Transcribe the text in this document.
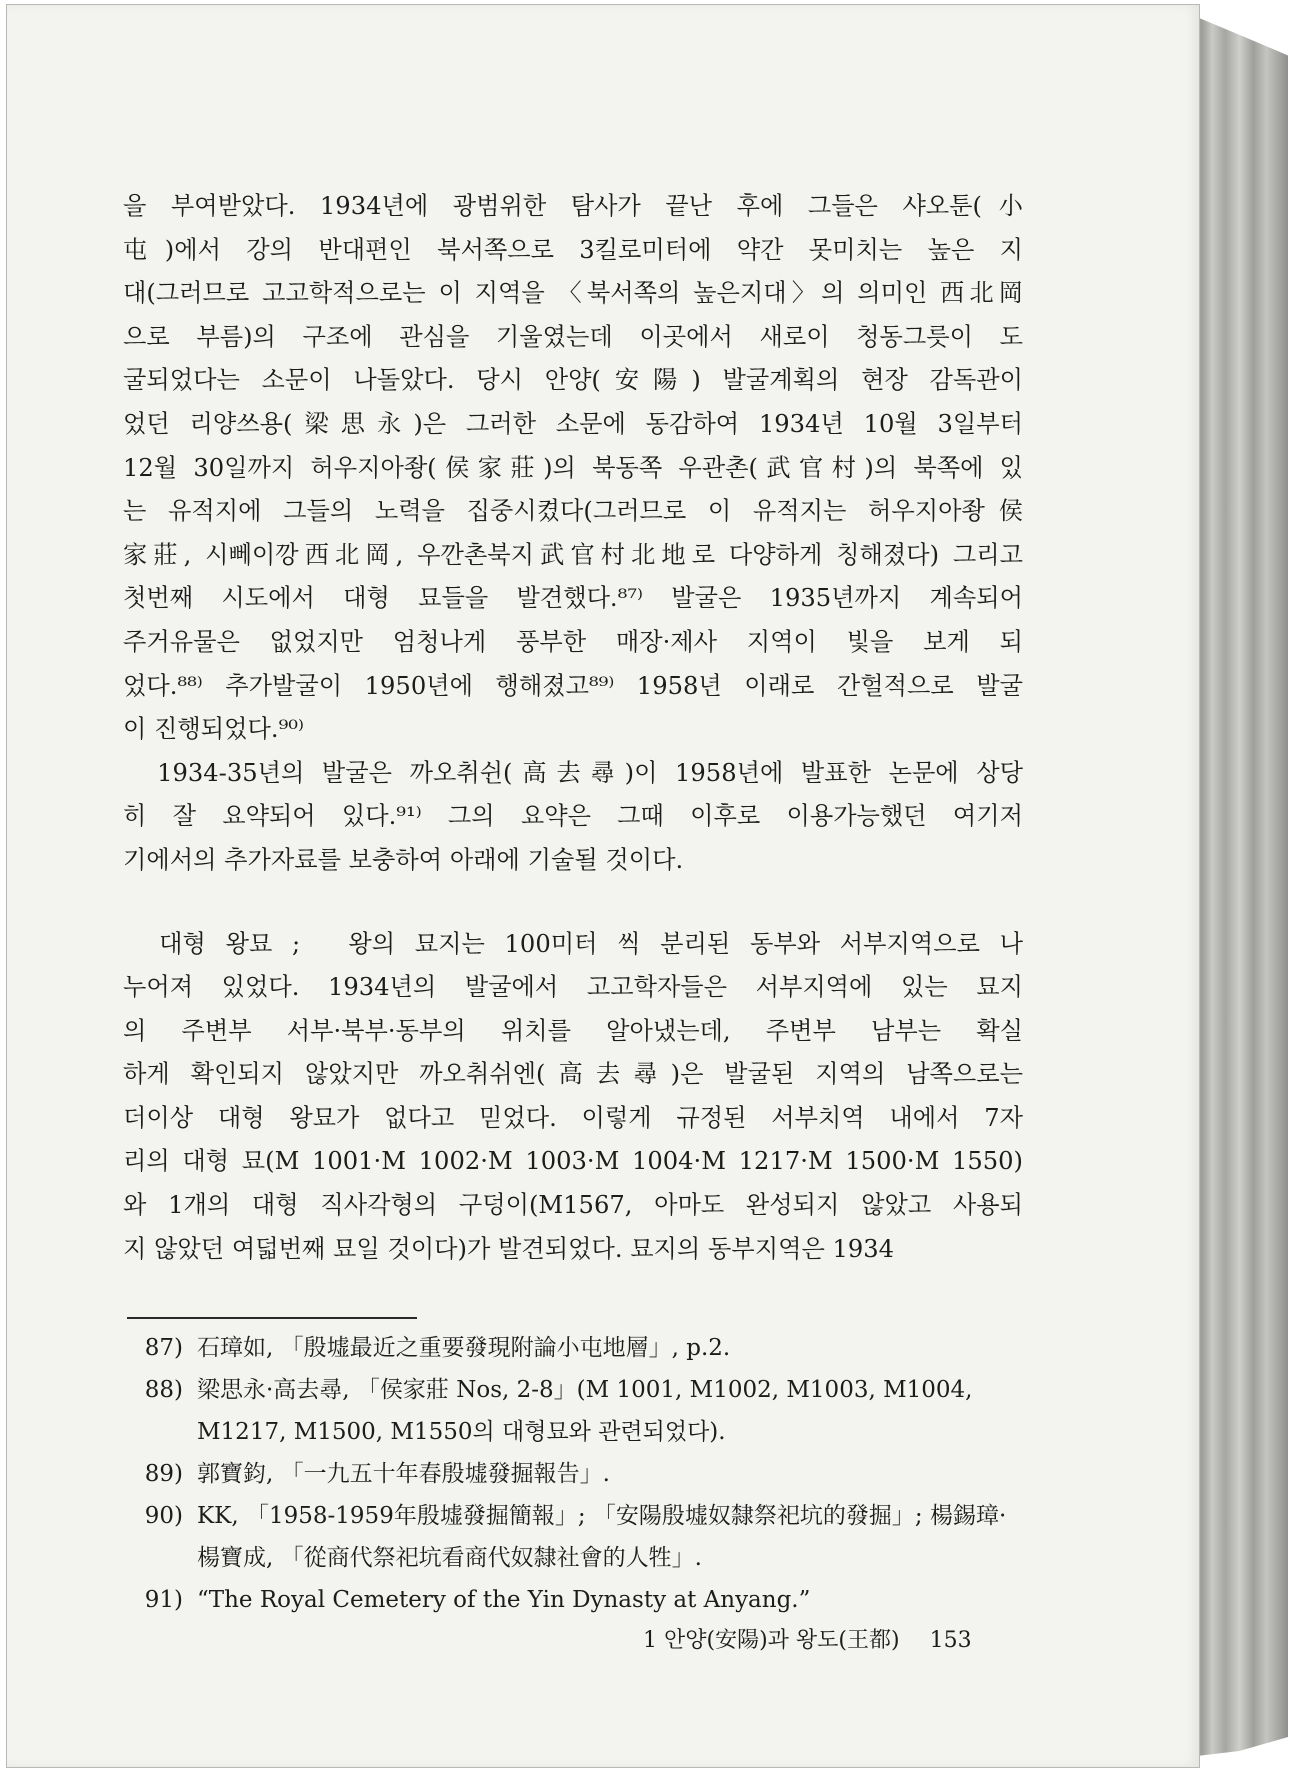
을 부여받았다. 1934년에 광범위한 탐사가 끝난 후에 그들은 샤오툰(小
屯)에서 강의 반대편인 북서쪽으로 3킬로미터에 약간 못미치는 높은 지
대(그러므로 고고학적으로는 이 지역을 〈북서쪽의 높은지대〉의 의미인 西北岡
으로 부름)의 구조에 관심을 기울였는데 이곳에서 새로이 청동그릇이 도
굴되었다는 소문이 나돌았다. 당시 안양(安陽) 발굴계획의 현장 감독관이
었던 리양쓰용(梁思永)은 그러한 소문에 동감하여 1934년 10월 3일부터
12월 30일까지 허우지아좡(侯家莊)의 북동쪽 우관촌(武官村)의 북쪽에 있
는 유적지에 그들의 노력을 집중시켰다(그러므로 이 유적지는 허우지아좡侯
家莊, 시뻬이깡西北岡, 우깐촌북지武官村北地로 다양하게 칭해졌다) 그리고
첫번째 시도에서 대형 묘들을 발견했다.⁸⁷⁾ 발굴은 1935년까지 계속되어
주거유물은 없었지만 엄청나게 풍부한 매장·제사 지역이 빛을 보게 되
었다.⁸⁸⁾ 추가발굴이 1950년에 행해졌고⁸⁹⁾ 1958년 이래로 간헐적으로 발굴
이 진행되었다.⁹⁰⁾
　1934-35년의 발굴은 까오취쉰(高去尋)이 1958년에 발표한 논문에 상당
히 잘 요약되어 있다.⁹¹⁾ 그의 요약은 그때 이후로 이용가능했던 여기저
기에서의 추가자료를 보충하여 아래에 기술될 것이다.
　대형 왕묘 ;　왕의 묘지는 100미터 씩 분리된 동부와 서부지역으로 나
누어져 있었다. 1934년의 발굴에서 고고학자들은 서부지역에 있는 묘지
의 주변부 서부·북부·동부의 위치를 알아냈는데, 주변부 남부는 확실
하게 확인되지 않았지만 까오취쉬엔(高去尋)은 발굴된 지역의 남쪽으로는
더이상 대형 왕묘가 없다고 믿었다. 이렇게 규정된 서부치역 내에서 7자
리의 대형 묘(M 1001·M 1002·M 1003·M 1004·M 1217·M 1500·M 1550)
와 1개의 대형 직사각형의 구덩이(M1567, 아마도 완성되지 않았고 사용되
지 않았던 여덟번째 묘일 것이다)가 발견되었다. 묘지의 동부지역은 1934
87) 石璋如, 「殷墟最近之重要發現附論小屯地層」, p.2.
88) 梁思永·高去尋, 「侯家莊 Nos, 2-8」(M 1001, M1002, M1003, M1004,
M1217, M1500, M1550의 대형묘와 관련되었다).
89) 郭寶鈞, 「一九五十年春殷墟發掘報告」.
90) KK, 「1958-1959年殷墟發掘簡報」; 「安陽殷墟奴隸祭祀坑的發掘」; 楊錫璋·
楊寶成, 「從商代祭祀坑看商代奴隸社會的人牲」.
91) “The Royal Cemetery of the Yin Dynasty at Anyang.”
1 안양(安陽)과 왕도(王都) 153
